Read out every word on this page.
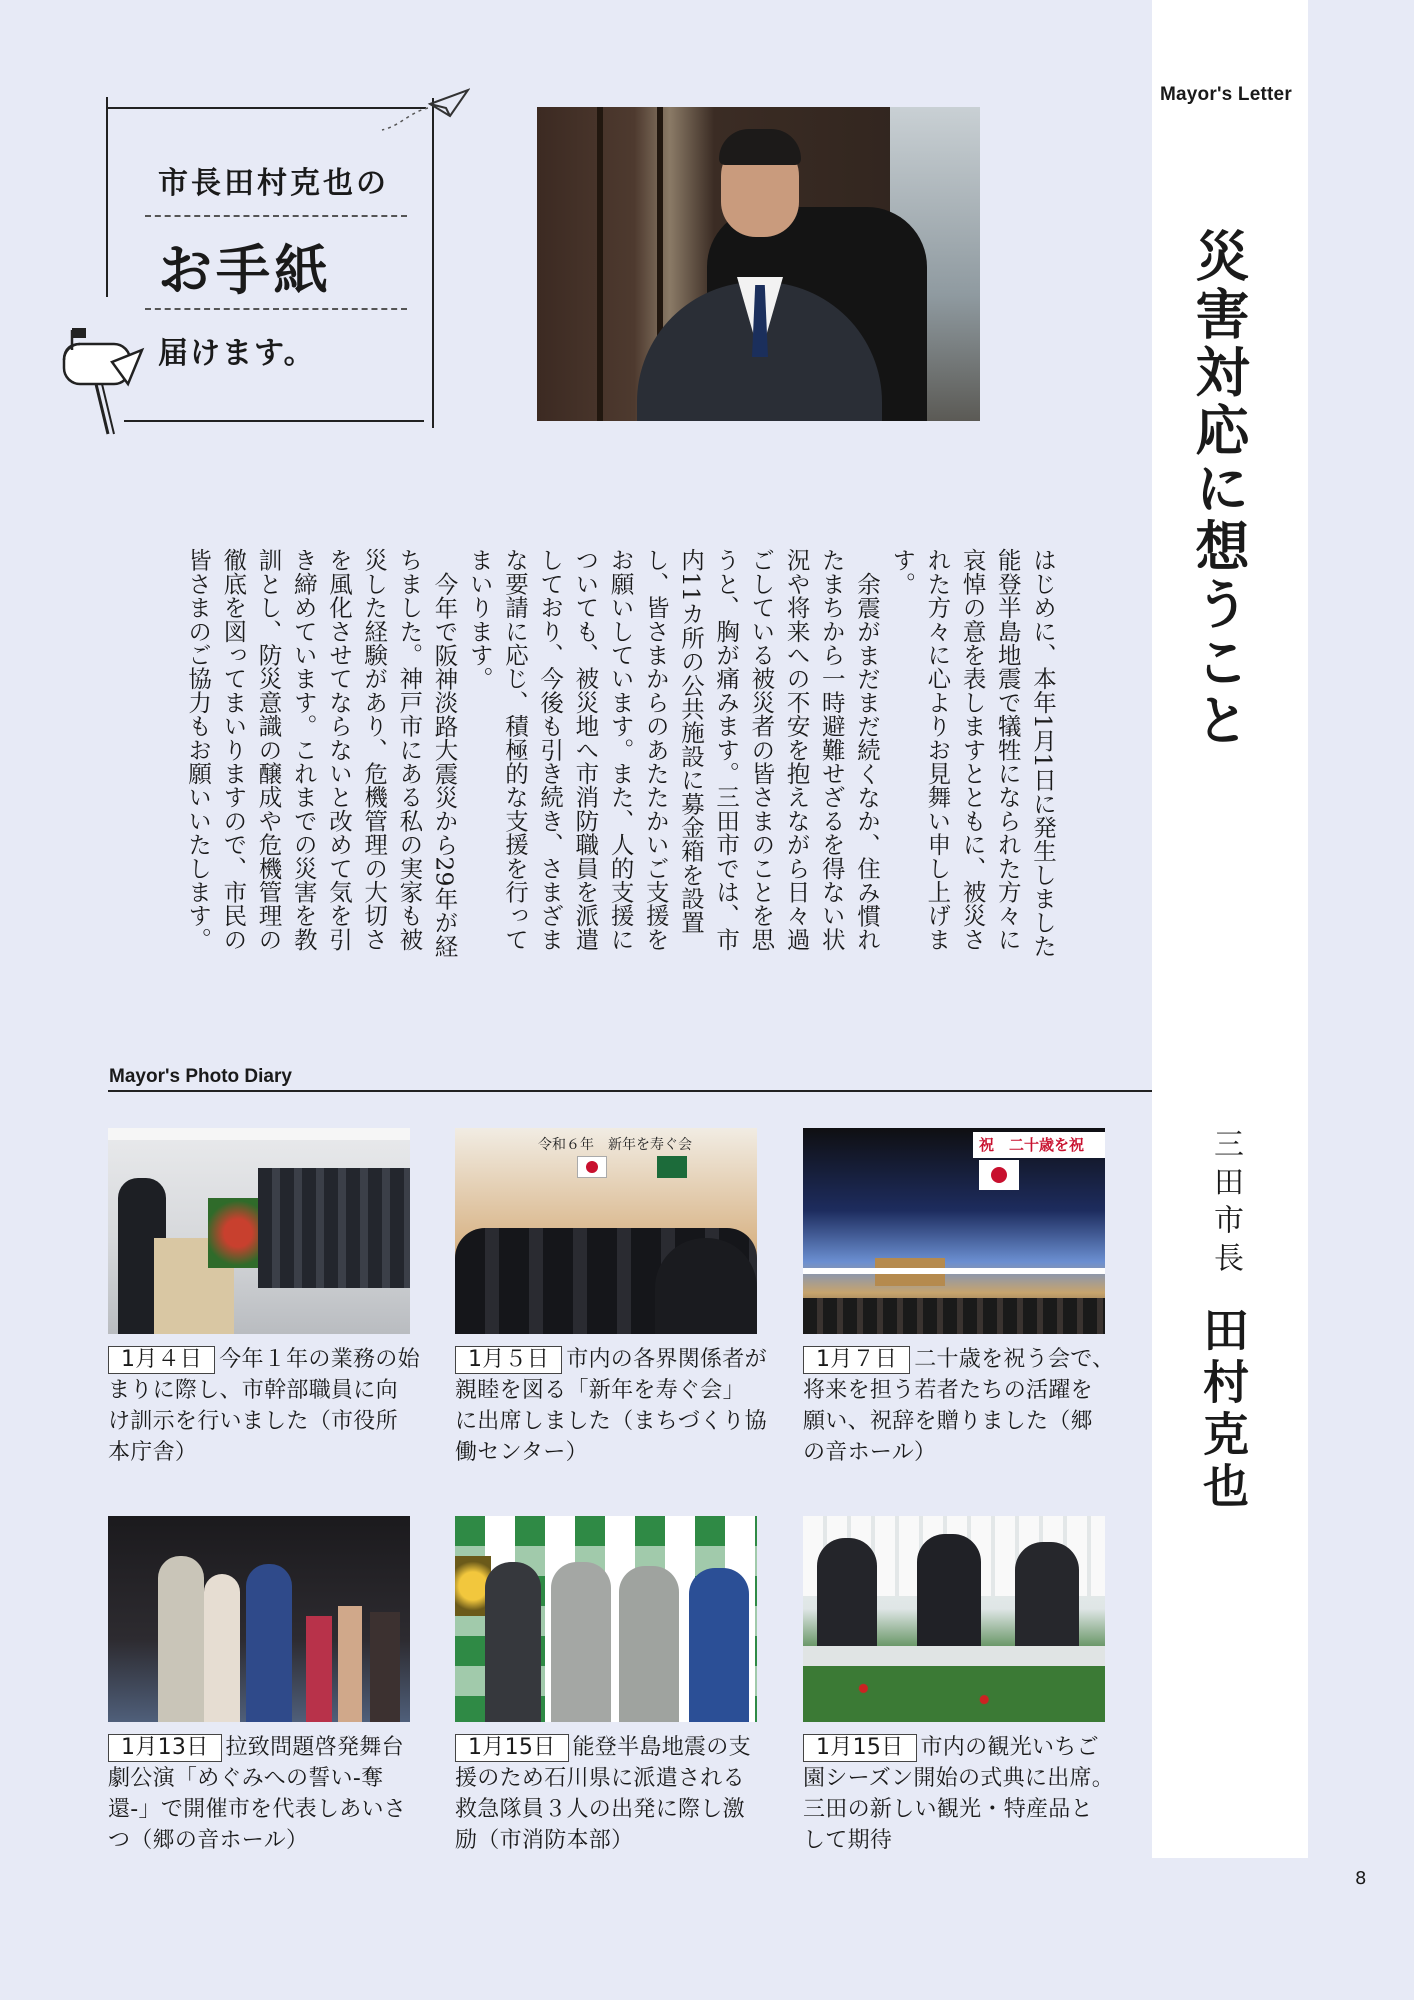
Mayor's Letter
災害対応に想うこと
三田市長
田村克也
市長田村克也の
お手紙
届けます。

はじめに、本年1月1日に発生しました能登半島地震で犠牲になられた方々に哀悼の意を表しますとともに、被災された方々に心よりお見舞い申し上げます。

余震がまだまだ続くなか、住み慣れたまちから一時避難せざるを得ない状況や将来への不安を抱えながら日々過ごしている被災者の皆さまのことを思うと、胸が痛みます。三田市では、市内11カ所の公共施設に募金箱を設置し、皆さまからのあたたかいご支援をお願いしています。また、人的支援についても、被災地へ市消防職員を派遣しており、今後も引き続き、さまざまな要請に応じ、積極的な支援を行ってまいります。

今年で阪神淡路大震災から29年が経ちました。神戸市にある私の実家も被災した経験があり、危機管理の大切さを風化させてならないと改めて気を引き締めています。これまでの災害を教訓とし、防災意識の醸成や危機管理の徹底を図ってまいりますので、市民の皆さまのご協力もお願いいたします。

Mayor's Photo Diary
1月４日 今年１年の業務の始まりに際し、市幹部職員に向け訓示を行いました（市役所本庁舎）
令和６年　新年を寿ぐ会
1月５日 市内の各界関係者が親睦を図る「新年を寿ぐ会」に出席しました（まちづくり協働センター）
祝　二十歳を祝
1月７日 二十歳を祝う会で、将来を担う若者たちの活躍を願い、祝辞を贈りました（郷の音ホール）
1月13日 拉致問題啓発舞台劇公演「めぐみへの誓い‐奪還‐」で開催市を代表しあいさつ（郷の音ホール）
1月15日 能登半島地震の支援のため石川県に派遣される救急隊員３人の出発に際し激励（市消防本部）
1月15日 市内の観光いちご園シーズン開始の式典に出席。三田の新しい観光・特産品として期待
8
